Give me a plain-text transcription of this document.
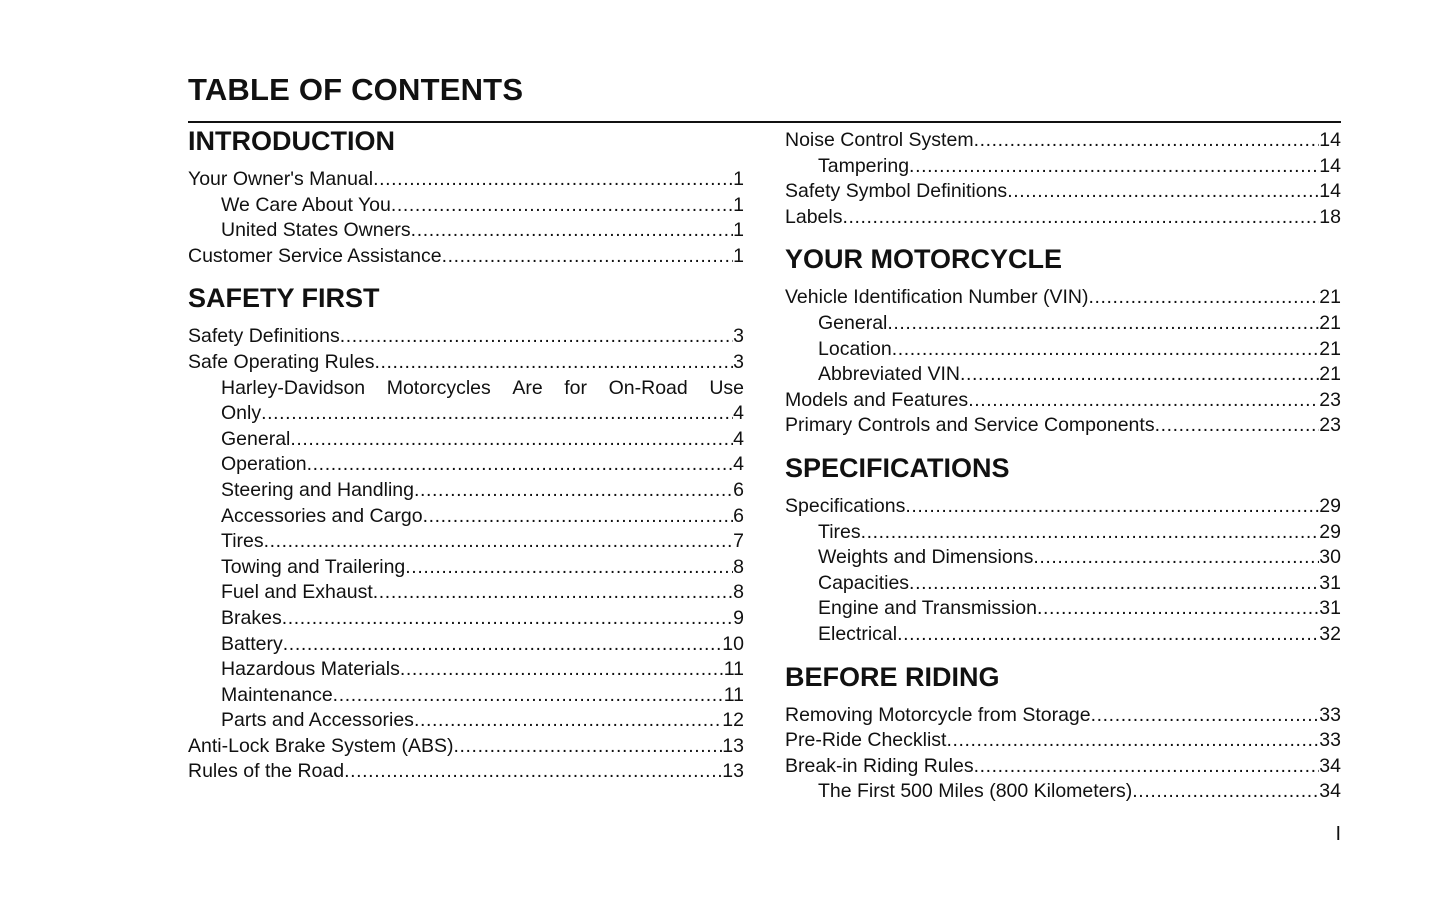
TABLE OF CONTENTS
INTRODUCTION
Your Owner's Manual .....	1
We Care About You .....	1
United States Owners .....	1
Customer Service Assistance .....	1
SAFETY FIRST
Safety Definitions .....	3
Safe Operating Rules .....	3
Harley-Davidson Motorcycles Are for On-Road Use
Only .....	4
General .....	4
Operation .....	4
Steering and Handling .....	6
Accessories and Cargo .....	6
Tires .....	7
Towing and Trailering .....	8
Fuel and Exhaust .....	8
Brakes .....	9
Battery .....	10
Hazardous Materials .....	11
Maintenance .....	11
Parts and Accessories .....	12
Anti-Lock Brake System (ABS) .....	13
Rules of the Road .....	13
Noise Control System .....	14
Tampering .....	14
Safety Symbol Definitions .....	14
Labels .....	18
YOUR MOTORCYCLE
Vehicle Identification Number (VIN) .....	21
General .....	21
Location .....	21
Abbreviated VIN .....	21
Models and Features .....	23
Primary Controls and Service Components .....	23
SPECIFICATIONS
Specifications .....	29
Tires .....	29
Weights and Dimensions .....	30
Capacities .....	31
Engine and Transmission .....	31
Electrical .....	32
BEFORE RIDING
Removing Motorcycle from Storage .....	33
Pre-Ride Checklist .....	33
Break-in Riding Rules .....	34
The First 500 Miles (800 Kilometers) .....	34
I
